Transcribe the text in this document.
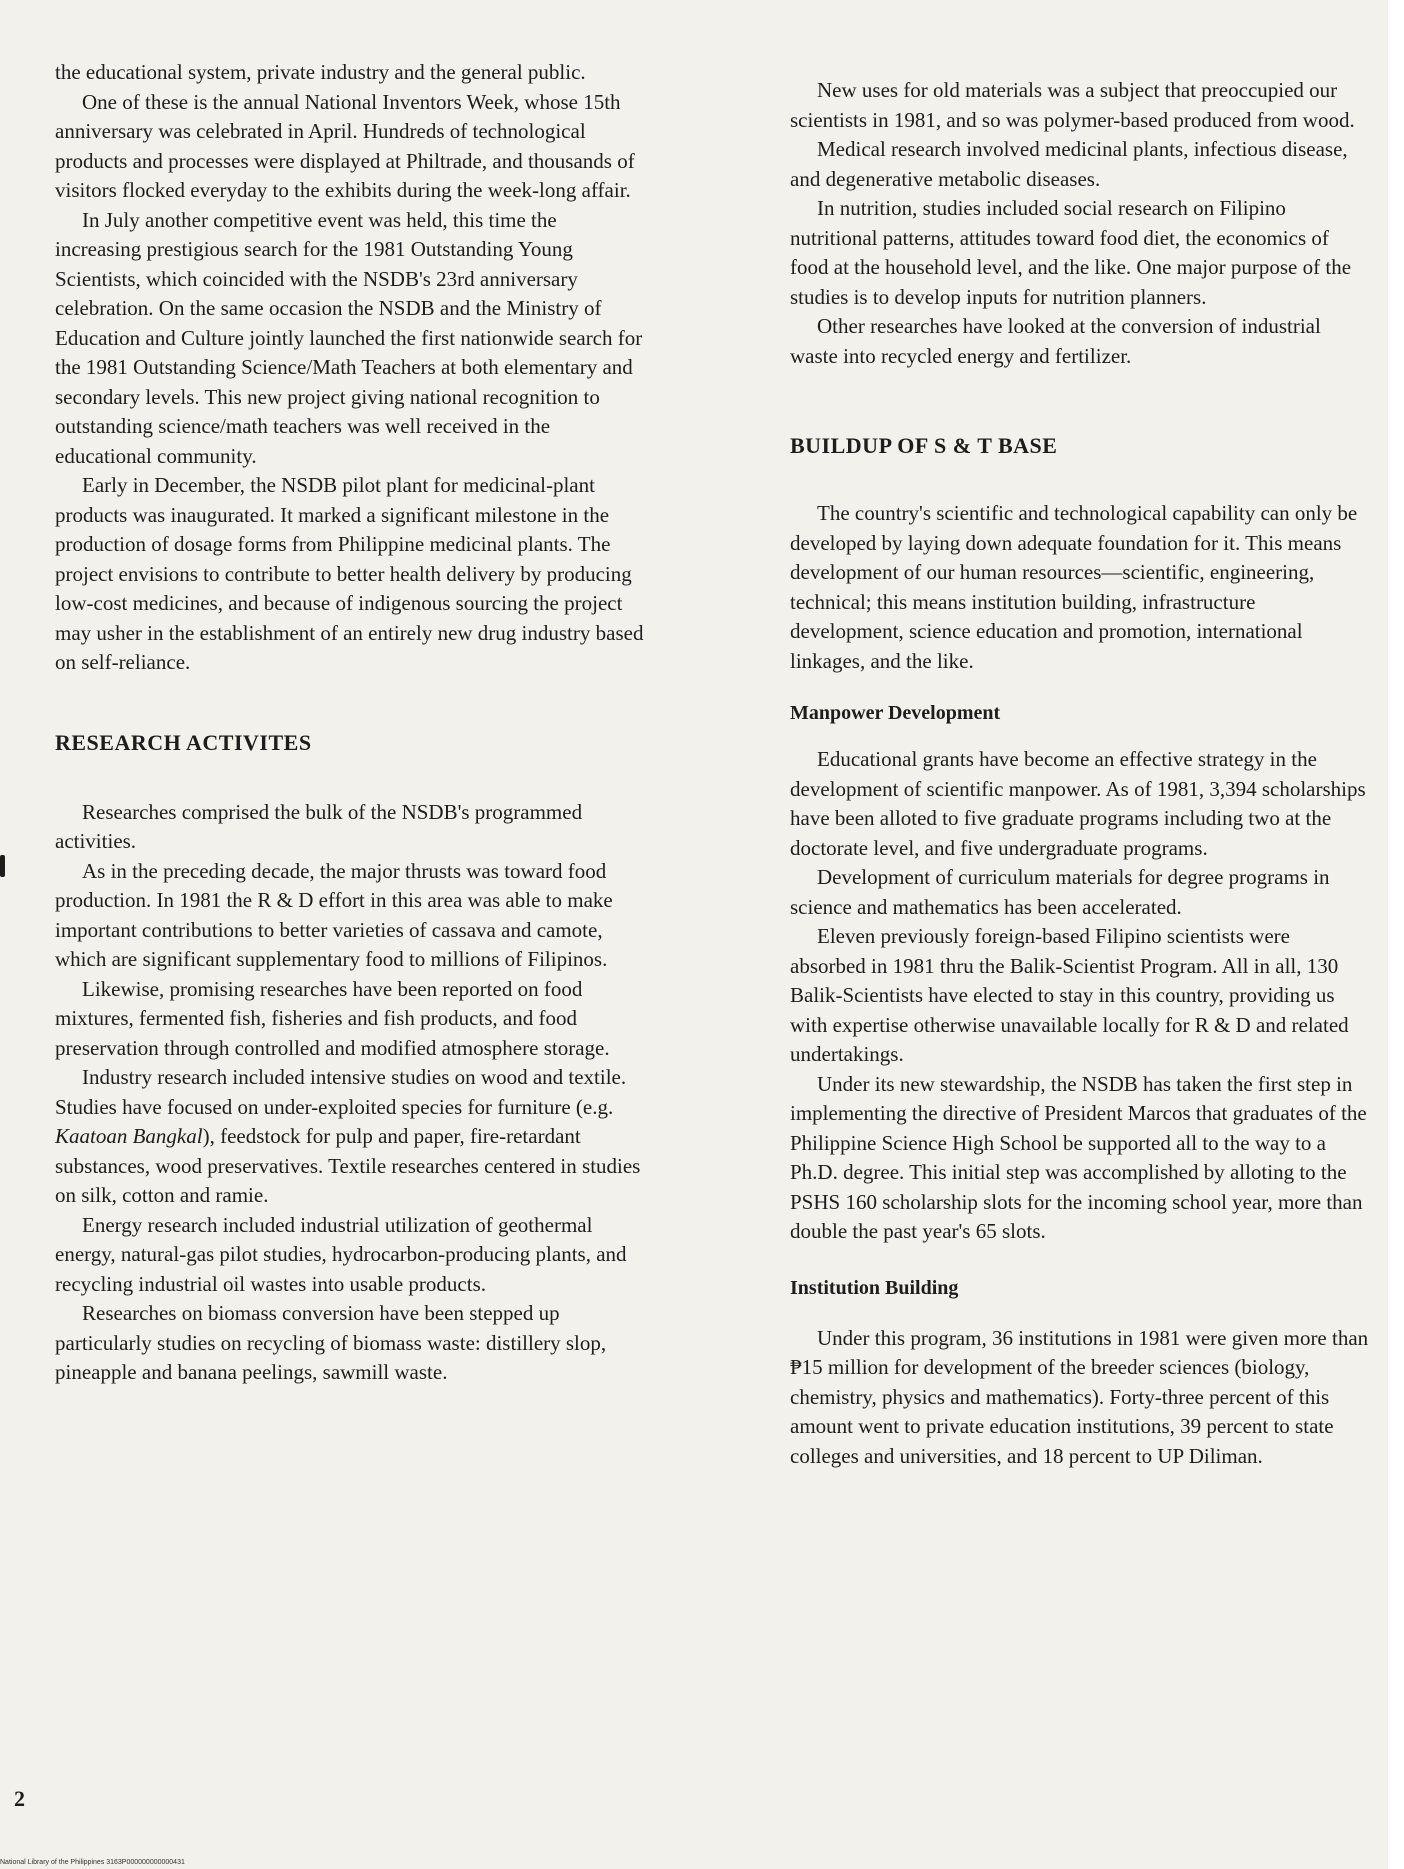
the educational system, private industry and the general public.

One of these is the annual National Inventors Week, whose 15th anniversary was celebrated in April. Hundreds of technological products and processes were displayed at Philtrade, and thousands of visitors flocked everyday to the exhibits during the week-long affair.

In July another competitive event was held, this time the increasing prestigious search for the 1981 Outstanding Young Scientists, which coincided with the NSDB's 23rd anniversary celebration. On the same occasion the NSDB and the Ministry of Education and Culture jointly launched the first nationwide search for the 1981 Outstanding Science/Math Teachers at both elementary and secondary levels. This new project giving national recognition to outstanding science/math teachers was well received in the educational community.

Early in December, the NSDB pilot plant for medicinal-plant products was inaugurated. It marked a significant milestone in the production of dosage forms from Philippine medicinal plants. The project envisions to contribute to better health delivery by producing low-cost medicines, and because of indigenous sourcing the project may usher in the establishment of an entirely new drug industry based on self-reliance.

RESEARCH ACTIVITES

Researches comprised the bulk of the NSDB's programmed activities.

As in the preceding decade, the major thrusts was toward food production. In 1981 the R & D effort in this area was able to make important contributions to better varieties of cassava and camote, which are significant supplementary food to millions of Filipinos.

Likewise, promising researches have been reported on food mixtures, fermented fish, fisheries and fish products, and food preservation through controlled and modified atmosphere storage.

Industry research included intensive studies on wood and textile. Studies have focused on under-exploited species for furniture (e.g. Kaatoan Bangkal), feedstock for pulp and paper, fire-retardant substances, wood preservatives. Textile researches centered in studies on silk, cotton and ramie.

Energy research included industrial utilization of geothermal energy, natural-gas pilot studies, hydrocarbon-producing plants, and recycling industrial oil wastes into usable products.

Researches on biomass conversion have been stepped up particularly studies on recycling of biomass waste: distillery slop, pineapple and banana peelings, sawmill waste.

New uses for old materials was a subject that preoccupied our scientists in 1981, and so was polymer-based produced from wood.

Medical research involved medicinal plants, infectious disease, and degenerative metabolic diseases.

In nutrition, studies included social research on Filipino nutritional patterns, attitudes toward food diet, the economics of food at the household level, and the like. One major purpose of the studies is to develop inputs for nutrition planners.

Other researches have looked at the conversion of industrial waste into recycled energy and fertilizer.

BUILDUP OF S & T BASE

The country's scientific and technological capability can only be developed by laying down adequate foundation for it. This means development of our human resources—scientific, engineering, technical; this means institution building, infrastructure development, science education and promotion, international linkages, and the like.

Manpower Development

Educational grants have become an effective strategy in the development of scientific manpower. As of 1981, 3,394 scholarships have been alloted to five graduate programs including two at the doctorate level, and five undergraduate programs.

Development of curriculum materials for degree programs in science and mathematics has been accelerated.

Eleven previously foreign-based Filipino scientists were absorbed in 1981 thru the Balik-Scientist Program. All in all, 130 Balik-Scientists have elected to stay in this country, providing us with expertise otherwise unavailable locally for R & D and related undertakings.

Under its new stewardship, the NSDB has taken the first step in implementing the directive of President Marcos that graduates of the Philippine Science High School be supported all to the way to a Ph.D. degree. This initial step was accomplished by alloting to the PSHS 160 scholarship slots for the incoming school year, more than double the past year's 65 slots.

Institution Building

Under this program, 36 institutions in 1981 were given more than ₱15 million for development of the breeder sciences (biology, chemistry, physics and mathematics). Forty-three percent of this amount went to private education institutions, 39 percent to state colleges and universities, and 18 percent to UP Diliman.

2
National Library of the Philippines 3163P000000000000431
